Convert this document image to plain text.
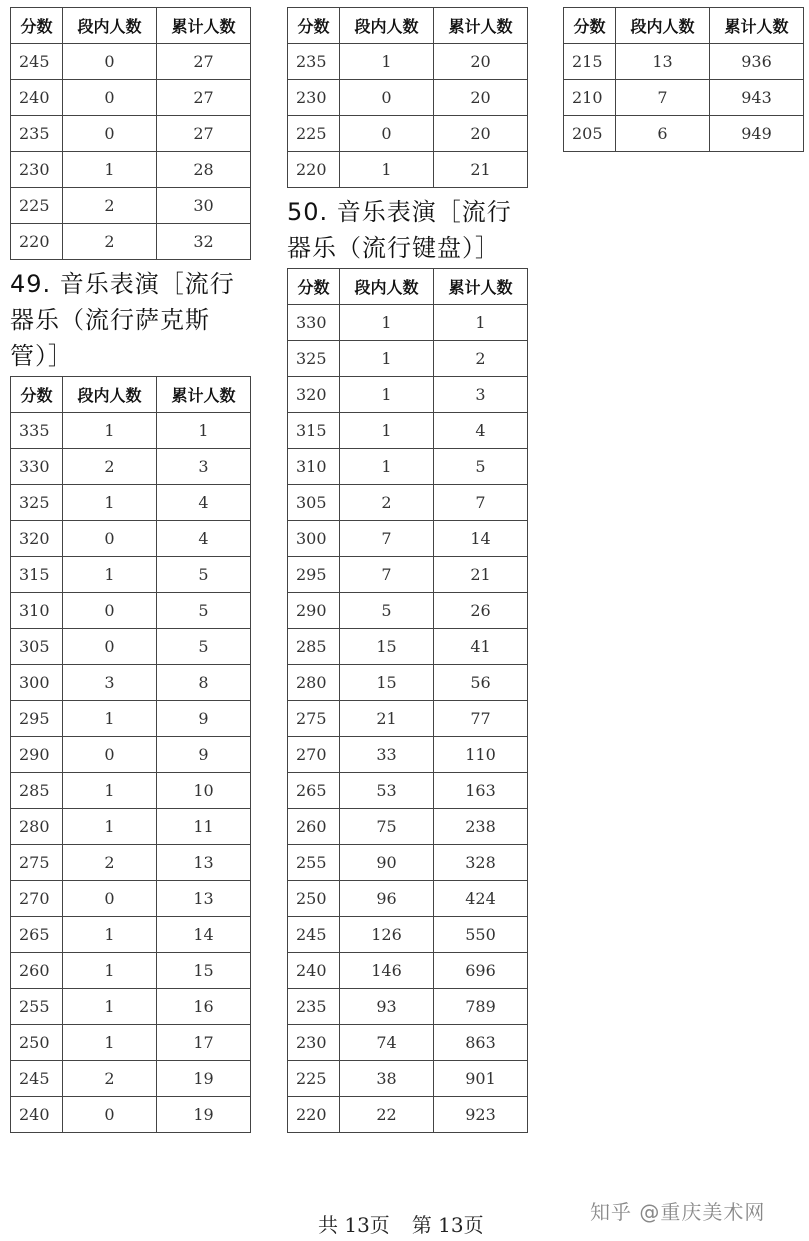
分数	段内人数	累计人数
245	0	27
240	0	27
235	0	27
230	1	28
225	2	30
220	2	32
49. 音乐表演［流行器乐（流行萨克斯管）］
分数	段内人数	累计人数
335	1	1
330	2	3
325	1	4
320	0	4
315	1	5
310	0	5
305	0	5
300	3	8
295	1	9
290	0	9
285	1	10
280	1	11
275	2	13
270	0	13
265	1	14
260	1	15
255	1	16
250	1	17
245	2	19
240	0	19
分数	段内人数	累计人数
235	1	20
230	0	20
225	0	20
220	1	21
50. 音乐表演［流行器乐（流行键盘）］
分数	段内人数	累计人数
330	1	1
325	1	2
320	1	3
315	1	4
310	1	5
305	2	7
300	7	14
295	7	21
290	5	26
285	15	41
280	15	56
275	21	77
270	33	110
265	53	163
260	75	238
255	90	328
250	96	424
245	126	550
240	146	696
235	93	789
230	74	863
225	38	901
220	22	923
分数	段内人数	累计人数
215	13	936
210	7	943
205	6	949
共 13页 第 13页
知乎 @重庆美术网
